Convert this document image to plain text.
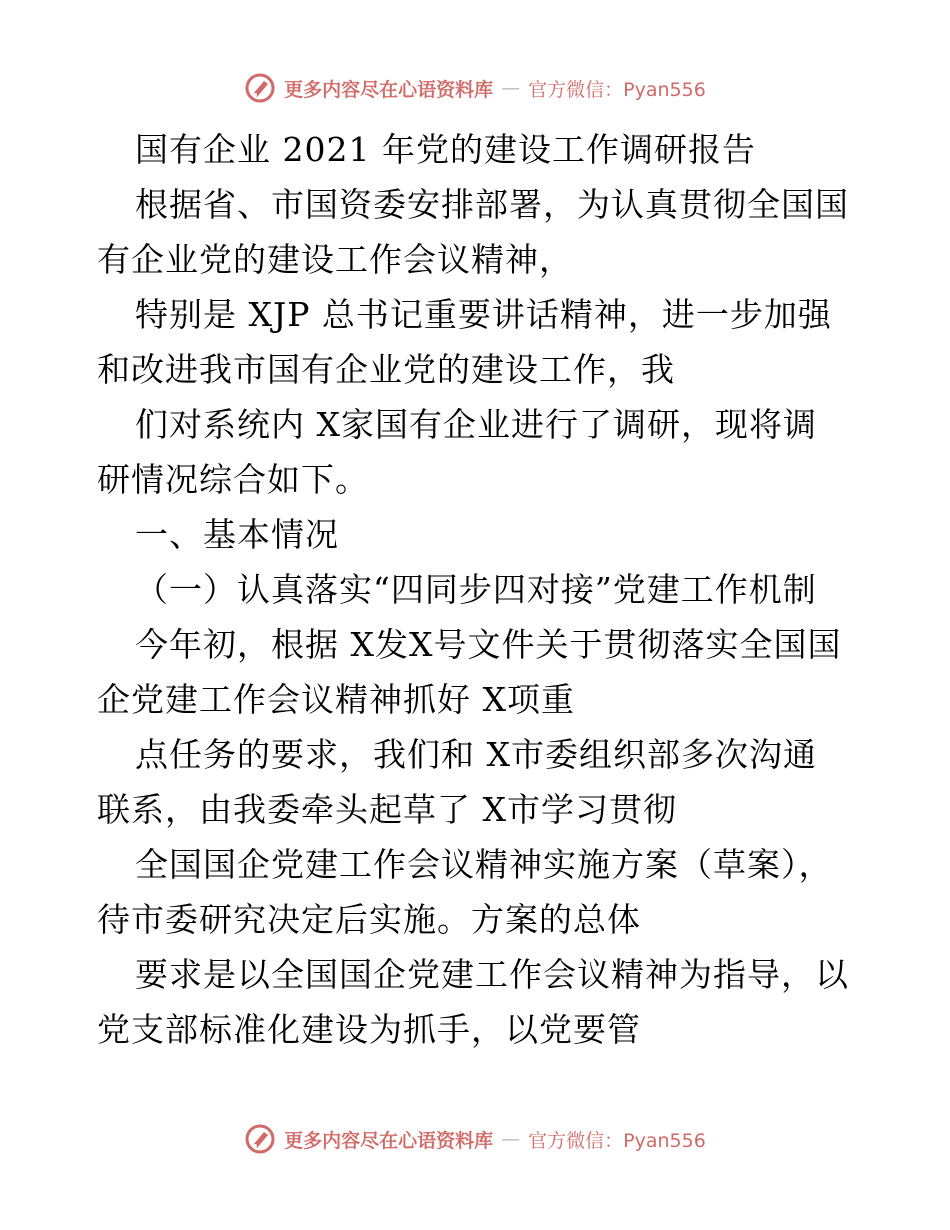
更多内容尽在心语资料库 — 官方微信：Pyan556
国有企业 2021 年党的建设工作调研报告
根据省、市国资委安排部署，为认真贯彻全国国
有企业党的建设工作会议精神，
特别是 XJP 总书记重要讲话精神，进一步加强
和改进我市国有企业党的建设工作，我
们对系统内 X家国有企业进行了调研，现将调
研情况综合如下。
一、基本情况
（一）认真落实“四同步四对接”党建工作机制
今年初，根据 X发X号文件关于贯彻落实全国国
企党建工作会议精神抓好 X项重
点任务的要求，我们和 X市委组织部多次沟通
联系，由我委牵头起草了 X市学习贯彻
全国国企党建工作会议精神实施方案（草案），
待市委研究决定后实施。方案的总体
要求是以全国国企党建工作会议精神为指导，以
党支部标准化建设为抓手，以党要管
更多内容尽在心语资料库 — 官方微信：Pyan556
